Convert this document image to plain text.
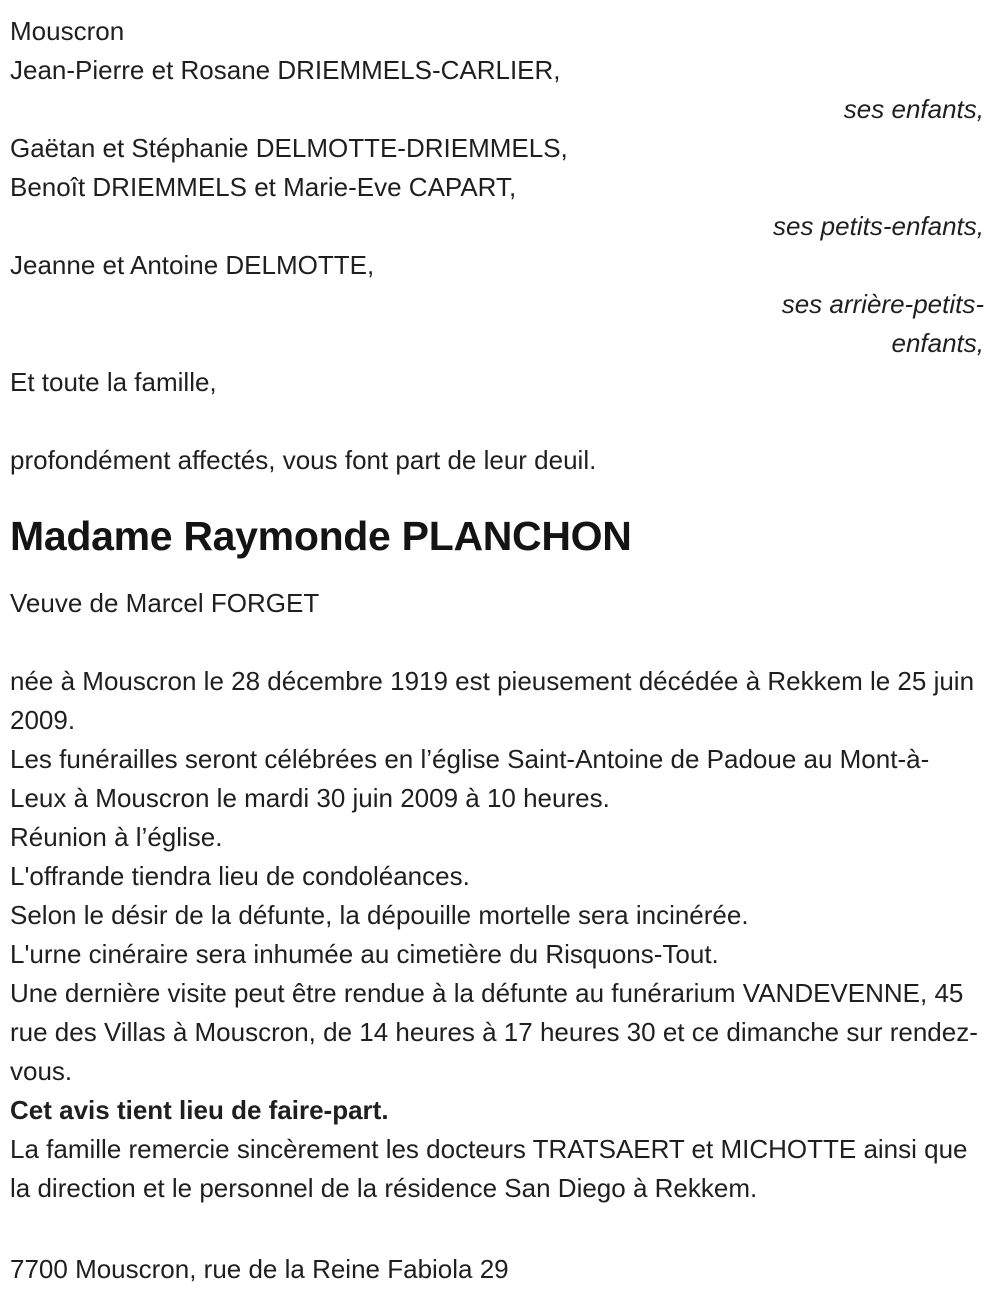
Mouscron

Jean-Pierre et Rosane DRIEMMELS-CARLIER,

ses enfants,

Gaëtan et Stéphanie DELMOTTE-DRIEMMELS,

Benoît DRIEMMELS et Marie-Eve CAPART,

ses petits-enfants,

Jeanne et Antoine DELMOTTE,

ses arrière-petits-enfants,

Et toute la famille,

profondément affectés, vous font part de leur deuil.

Madame Raymonde PLANCHON

Veuve de Marcel FORGET

née à Mouscron le 28 décembre 1919 est pieusement décédée à Rekkem le 25 juin 2009.

Les funérailles seront célébrées en l’église Saint-Antoine de Padoue au Mont-à-Leux à Mouscron le mardi 30 juin 2009 à 10 heures.

Réunion à l’église.

L'offrande tiendra lieu de condoléances.

Selon le désir de la défunte, la dépouille mortelle sera incinérée.

L'urne cinéraire sera inhumée au cimetière du Risquons-Tout.

Une dernière visite peut être rendue à la défunte au funérarium VANDEVENNE, 45 rue des Villas à Mouscron, de 14 heures à 17 heures 30 et ce dimanche sur rendez-vous.

Cet avis tient lieu de faire-part.

La famille remercie sincèrement les docteurs TRATSAERT et MICHOTTE ainsi que la direction et le personnel de la résidence San Diego à Rekkem.

7700 Mouscron, rue de la Reine Fabiola 29
